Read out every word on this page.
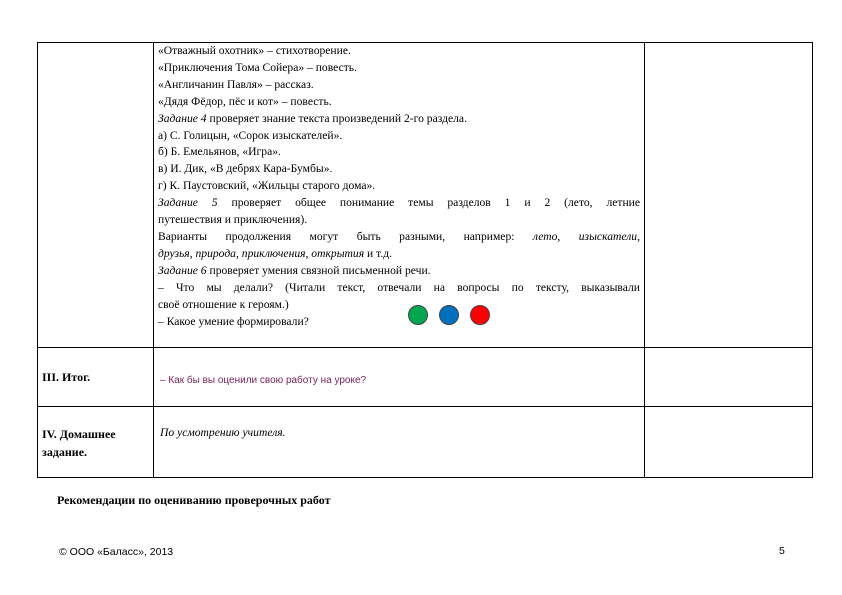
«Отважный охотник» – стихотворение.
«Приключения Тома Сойера» – повесть.
«Англичанин Павля» – рассказ.
«Дядя Фёдор, пёс и кот» – повесть.
Задание 4 проверяет знание текста произведений 2-го раздела.
а) С. Голицын, «Сорок изыскателей».
б) Б. Емельянов, «Игра».
в) И. Дик, «В дебрях Кара-Бумбы».
г) К. Паустовский, «Жильцы старого дома».
Задание 5 проверяет общее понимание темы разделов 1 и 2 (лето, летние
путешествия и приключения).
Варианты продолжения могут быть разными, например: лето, изыскатели,
друзья, природа, приключения, открытия и т.д.
Задание 6 проверяет умения связной письменной речи.
– Что мы делали? (Читали текст, отвечали на вопросы по тексту, выказывали
своё отношение к героям.)
– Какое умение формировали?
III. Итог.	– Как бы вы оценили свою работу на уроке?
IV. Домашнее
задание.
По усмотрению учителя.
Рекомендации по оцениванию проверочных работ
© ООО «Баласс», 2013	5
